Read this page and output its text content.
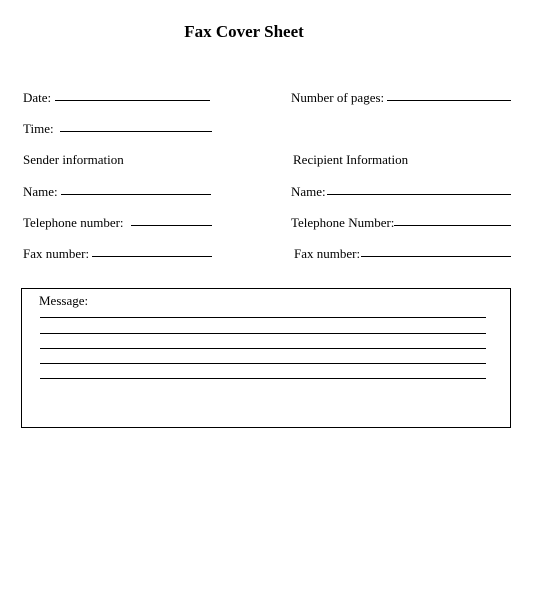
Fax Cover Sheet
Date:	Number of pages:
Time:
Sender information	Recipient Information
Name:	Name:
Telephone number:	Telephone Number:
Fax number:	Fax number:
Message:
